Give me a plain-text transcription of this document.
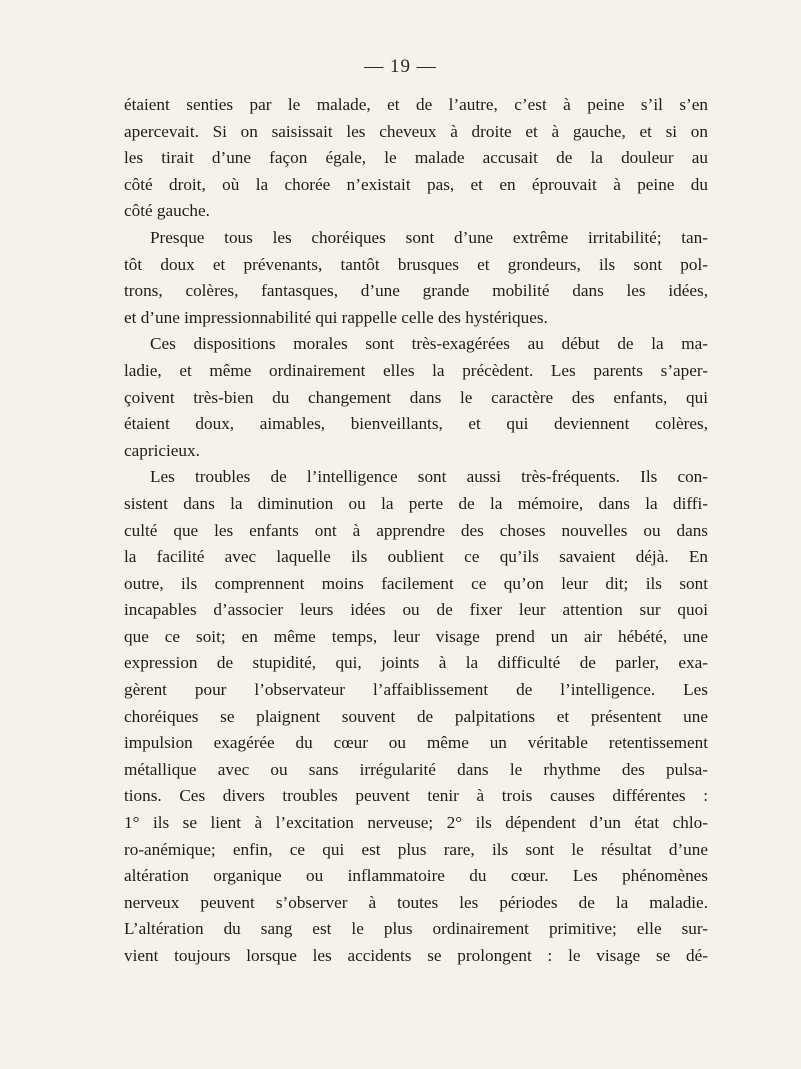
— 19 —
étaient senties par le malade, et de l’autre, c’est à peine s’il s’en
apercevait. Si on saisissait les cheveux à droite et à gauche, et si on
les tirait d’une façon égale, le malade accusait de la douleur au
côté droit, où la chorée n’existait pas, et en éprouvait à peine du
côté gauche.
Presque tous les choréiques sont d’une extrême irritabilité; tan-
tôt doux et prévenants, tantôt brusques et grondeurs, ils sont pol-
trons, colères, fantasques, d’une grande mobilité dans les idées,
et d’une impressionnabilité qui rappelle celle des hystériques.
Ces dispositions morales sont très-exagérées au début de la ma-
ladie, et même ordinairement elles la précèdent. Les parents s’aper-
çoivent très-bien du changement dans le caractère des enfants, qui
étaient doux, aimables, bienveillants, et qui deviennent colères,
capricieux.
Les troubles de l’intelligence sont aussi très-fréquents. Ils con-
sistent dans la diminution ou la perte de la mémoire, dans la diffi-
culté que les enfants ont à apprendre des choses nouvelles ou dans
la facilité avec laquelle ils oublient ce qu’ils savaient déjà. En
outre, ils comprennent moins facilement ce qu’on leur dit; ils sont
incapables d’associer leurs idées ou de fixer leur attention sur quoi
que ce soit; en même temps, leur visage prend un air hébété, une
expression de stupidité, qui, joints à la difficulté de parler, exa-
gèrent pour l’observateur l’affaiblissement de l’intelligence. Les
choréiques se plaignent souvent de palpitations et présentent une
impulsion exagérée du cœur ou même un véritable retentissement
métallique avec ou sans irrégularité dans le rhythme des pulsa-
tions. Ces divers troubles peuvent tenir à trois causes différentes :
1° ils se lient à l’excitation nerveuse; 2° ils dépendent d’un état chlo-
ro-anémique; enfin, ce qui est plus rare, ils sont le résultat d’une
altération organique ou inflammatoire du cœur. Les phénomènes
nerveux peuvent s’observer à toutes les périodes de la maladie.
L’altération du sang est le plus ordinairement primitive; elle sur-
vient toujours lorsque les accidents se prolongent : le visage se dé-
